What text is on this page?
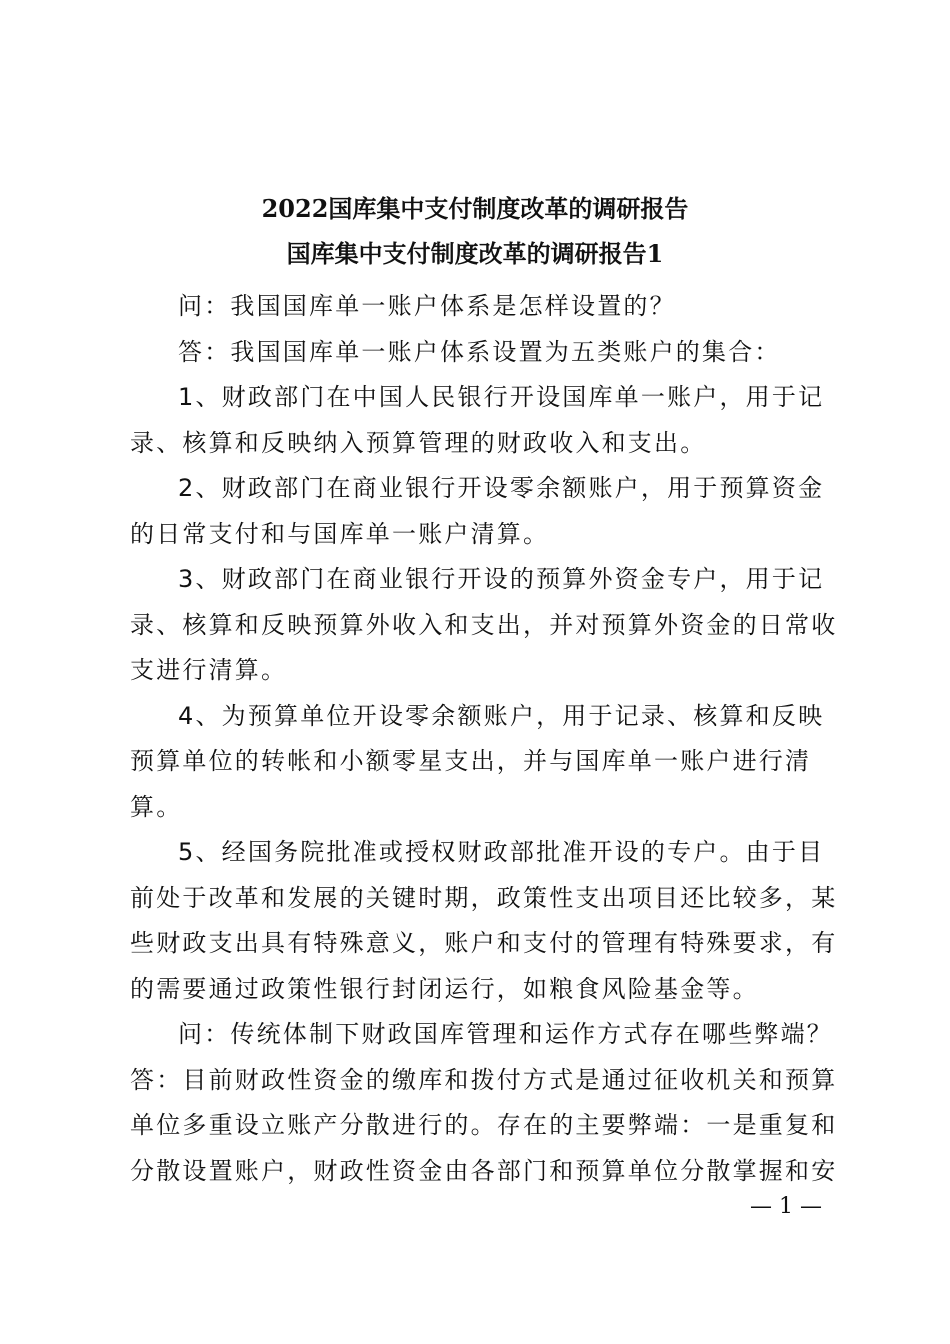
2022国库集中支付制度改革的调研报告
国库集中支付制度改革的调研报告1

问：我国国库单一账户体系是怎样设置的？

答：我国国库单一账户体系设置为五类账户的集合：

1、财政部门在中国人民银行开设国库单一账户，用于记录、核算和反映纳入预算管理的财政收入和支出。

2、财政部门在商业银行开设零余额账户，用于预算资金的日常支付和与国库单一账户清算。

3、财政部门在商业银行开设的预算外资金专户，用于记录、核算和反映预算外收入和支出，并对预算外资金的日常收支进行清算。

4、为预算单位开设零余额账户，用于记录、核算和反映预算单位的转帐和小额零星支出，并与国库单一账户进行清算。

5、经国务院批准或授权财政部批准开设的专户。由于目前处于改革和发展的关键时期，政策性支出项目还比较多，某些财政支出具有特殊意义，账户和支付的管理有特殊要求，有的需要通过政策性银行封闭运行，如粮食风险基金等。

问：传统体制下财政国库管理和运作方式存在哪些弊端？

答：目前财政性资金的缴库和拨付方式是通过征收机关和预算单位多重设立账产分散进行的。存在的主要弊端：一是重复和分散设置账户，财政性资金由各部门和预算单位分散掌握和安

— 1 —
